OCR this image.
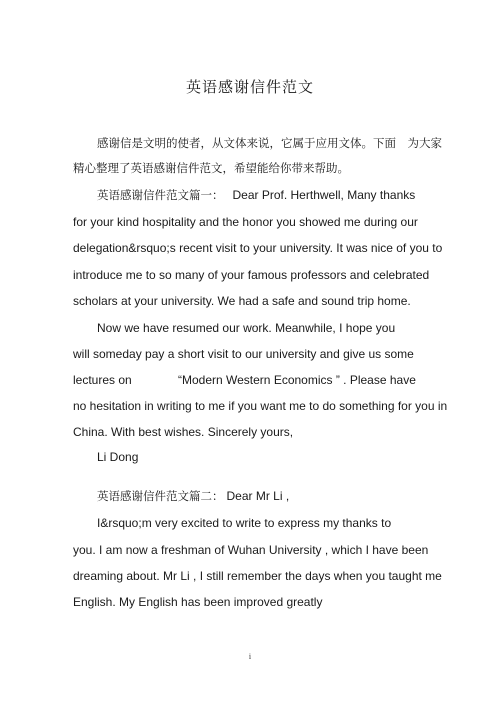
英语感谢信件范文
感谢信是文明的使者，从文体来说，它属于应用文体。下面　为大家
精心整理了英语感谢信件范文，希望能给你带来帮助。
英语感谢信件范文篇一： Dear Prof. Herthwell, Many thanks
for your kind hospitality and the honor you showed me during our
delegation&rsquo;s recent visit to your university. It was nice of you to
introduce me to so many of your famous professors and celebrated
scholars at your university. We had a safe and sound trip home.
Now we have resumed our work. Meanwhile, I hope you
will someday pay a short visit to our university and give us some
lectures on	“Modern Western Economics ” . Please have
no hesitation in writing to me if you want me to do something for you in
China. With best wishes. Sincerely yours,
Li Dong
英语感谢信件范文篇二： Dear Mr Li ,
I&rsquo;m very excited to write to express my thanks to
you. I am now a freshman of Wuhan University , which I have been
dreaming about. Mr Li , I still remember the days when you taught me
English. My English has been improved greatly
i
